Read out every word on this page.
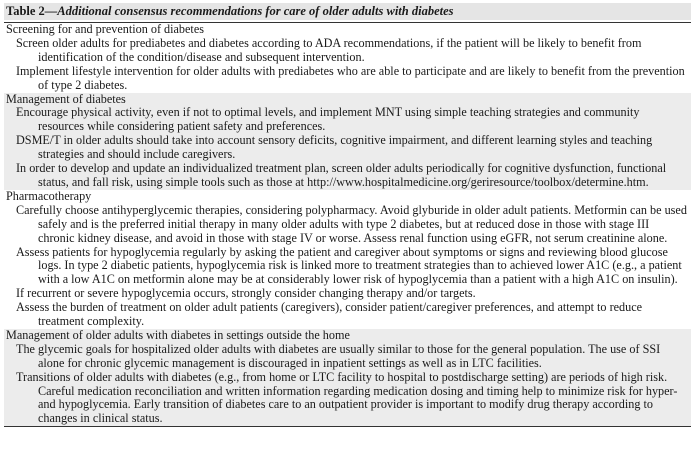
Table 2—Additional consensus recommendations for care of older adults with diabetes
Screening for and prevention of diabetes
Screen older adults for prediabetes and diabetes according to ADA recommendations, if the patient will be likely to benefit from identification of the condition/disease and subsequent intervention.
Implement lifestyle intervention for older adults with prediabetes who are able to participate and are likely to benefit from the prevention of type 2 diabetes.
Management of diabetes
Encourage physical activity, even if not to optimal levels, and implement MNT using simple teaching strategies and community resources while considering patient safety and preferences.
DSME/T in older adults should take into account sensory deficits, cognitive impairment, and different learning styles and teaching strategies and should include caregivers.
In order to develop and update an individualized treatment plan, screen older adults periodically for cognitive dysfunction, functional status, and fall risk, using simple tools such as those at http://www.hospitalmedicine.org/geriresource/toolbox/determine.htm.
Pharmacotherapy
Carefully choose antihyperglycemic therapies, considering polypharmacy. Avoid glyburide in older adult patients. Metformin can be used safely and is the preferred initial therapy in many older adults with type 2 diabetes, but at reduced dose in those with stage III chronic kidney disease, and avoid in those with stage IV or worse. Assess renal function using eGFR, not serum creatinine alone.
Assess patients for hypoglycemia regularly by asking the patient and caregiver about symptoms or signs and reviewing blood glucose logs. In type 2 diabetic patients, hypoglycemia risk is linked more to treatment strategies than to achieved lower A1C (e.g., a patient with a low A1C on metformin alone may be at considerably lower risk of hypoglycemia than a patient with a high A1C on insulin).
If recurrent or severe hypoglycemia occurs, strongly consider changing therapy and/or targets.
Assess the burden of treatment on older adult patients (caregivers), consider patient/caregiver preferences, and attempt to reduce treatment complexity.
Management of older adults with diabetes in settings outside the home
The glycemic goals for hospitalized older adults with diabetes are usually similar to those for the general population. The use of SSI alone for chronic glycemic management is discouraged in inpatient settings as well as in LTC facilities.
Transitions of older adults with diabetes (e.g., from home or LTC facility to hospital to postdischarge setting) are periods of high risk. Careful medication reconciliation and written information regarding medication dosing and timing help to minimize risk for hyper- and hypoglycemia. Early transition of diabetes care to an outpatient provider is important to modify drug therapy according to changes in clinical status.
